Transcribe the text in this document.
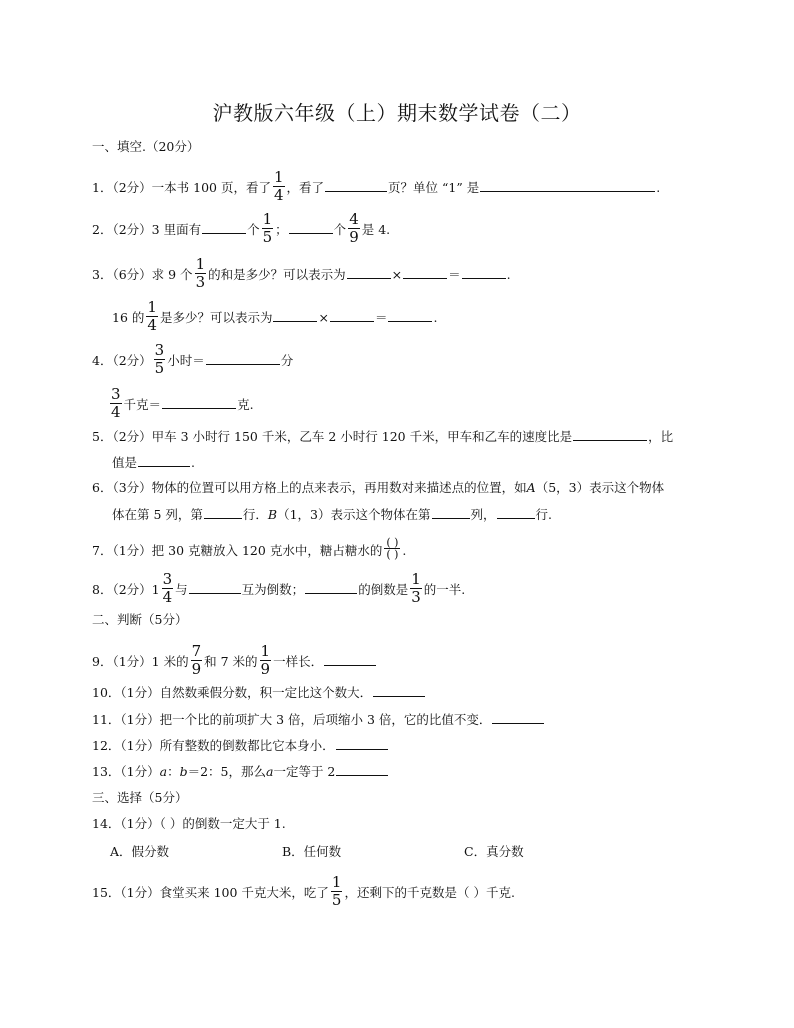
沪教版六年级（上）期末数学试卷（二）
一、填空.（20分）
1．（2分）一本书 100 页，看了 $\frac{1}{4}$ ，看了	页？单位 “1” 是	.
2．（2分）3 里面有	个 $\frac{1}{5}$ ；	个 $\frac{4}{9}$ 是 4.
3．（6分）求 9 个 $\frac{1}{3}$ 的和是多少？可以表示为	×	＝	.
16 的 $\frac{1}{4}$ 是多少？可以表示为	×	＝	.
4．（2分） $\frac{3}{5}$ 小时＝	分
$\frac{3}{4}$ 千克＝	克.
5．（2分）甲车 3 小时行 150 千米，乙车 2 小时行 120 千米，甲车和乙车的速度比是	，比
值是	.
6．（3分）物体的位置可以用方格上的点来表示，再用数对来描述点的位置，如A（5，3）表示这个物体
体在第 5 列，第	行．B（1，3）表示这个物体在第	列，	行.
7．（1分）把 30 克糖放入 120 克水中，糖占糖水的 $\frac{( )}{( )}$ .
8．（2分）$1 \frac{3}{4}$ 与	互为倒数；	的倒数是 $\frac{1}{3}$ 的一半.
二、判断（5分）
9．（1分）1 米的 $\frac{7}{9}$ 和 7 米的 $\frac{1}{9}$ 一样长．
10．（1分）自然数乘假分数，积一定比这个数大．
11．（1分）把一个比的前项扩大 3 倍，后项缩小 3 倍，它的比值不变．
12．（1分）所有整数的倒数都比它本身小．
13．（1分）a：b＝2：5，那么a一定等于 2
三、选择（5分）
14．（1分）（ ）的倒数一定大于 1.
A．假分数	B．任何数	C．真分数
15．（1分）食堂买来 100 千克大米，吃了 $\frac{1}{5}$ ，还剩下的千克数是（ ）千克.
